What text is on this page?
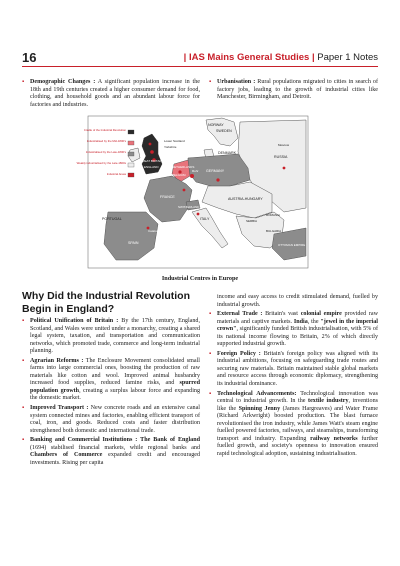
16	| IAS Mains General Studies | Paper 1 Notes
▪ Demographic Changes : A significant population increase in the 18th and 19th centuries created a higher consumer demand for food, clothing, and household goods and an abundant labour force for factories and industries.
▪ Urbanisation : Rural populations migrated to cities in search of factory jobs, leading to the growth of industrial cities like Manchester, Birmingham, and Detroit.
Cradle of the Industrial Revolution
Industrialised by the Mid-1800's
Industrialised by the Late-1800's
Weakly industrialised by the Late-1800s
Industrial Areas
NORWAY
SWEDEN
DENMARK
Lower Scotland
Yorkshire
GREAT BRITAIN
ENGLAND	NETHERLANDS
BELGIUM
Ruhr
LUX.
FRANCE
SWITZERLAND
GERMANY
RUSSIA
Moscow
AUSTRIA-HUNGARY
ITALY	SERBIA
ROMANIA
BULGARIA
OTTOMAN EMPIRE
PORTUGAL
SPAIN
Catalonia
Industrial Centres in Europe
Why Did the Industrial Revolution Begin in England?
▪ Political Unification of Britain : By the 17th century, England, Scotland, and Wales were united under a monarchy, creating a shared legal system, taxation, and transportation and communication networks, which promoted trade, commerce and long-term industrial planning.
▪ Agrarian Reforms : The Enclosure Movement consolidated small farms into large commercial ones, boosting the production of raw materials like cotton and wool. Improved animal husbandry increased food supplies, reduced famine risks, and spurred population growth, creating a surplus labour force and expanding the domestic market.
▪ Improved Transport : New concrete roads and an extensive canal system connected mines and factories, enabling efficient transport of coal, iron, and goods. Reduced costs and faster distribution strengthened both domestic and international trade.
▪ Banking and Commercial Institutions : The Bank of England (1694) stabilised financial markets, while regional banks and Chambers of Commerce expanded credit and encouraged investments. Rising per capita

income and easy access to credit stimulated demand, fuelled by industrial growth.

▪ External Trade : Britain's vast colonial empire provided raw materials and captive markets. India, the "jewel in the imperial crown", significantly funded British industrialisation, with 5% of its national income flowing to Britain, 2% of which directly supported industrial growth.
▪ Foreign Policy : Britain's foreign policy was aligned with its industrial ambitions, focusing on safeguarding trade routes and securing raw materials. Britain maintained stable global markets and resource access through economic diplomacy, strengthening its industrial dominance.
▪ Technological Advancements: Technological innovation was central to industrial growth. In the textile industry, inventions like the Spinning Jenny (James Hargreaves) and Water Frame (Richard Arkwright) boosted production. The blast furnace revolutionised the iron industry, while James Watt's steam engine fuelled powered factories, railways, and steamships, transforming transport and industry. Expanding railway networks further fuelled growth, and society's openness to innovation ensured rapid technological adoption, sustaining industrialisation.
